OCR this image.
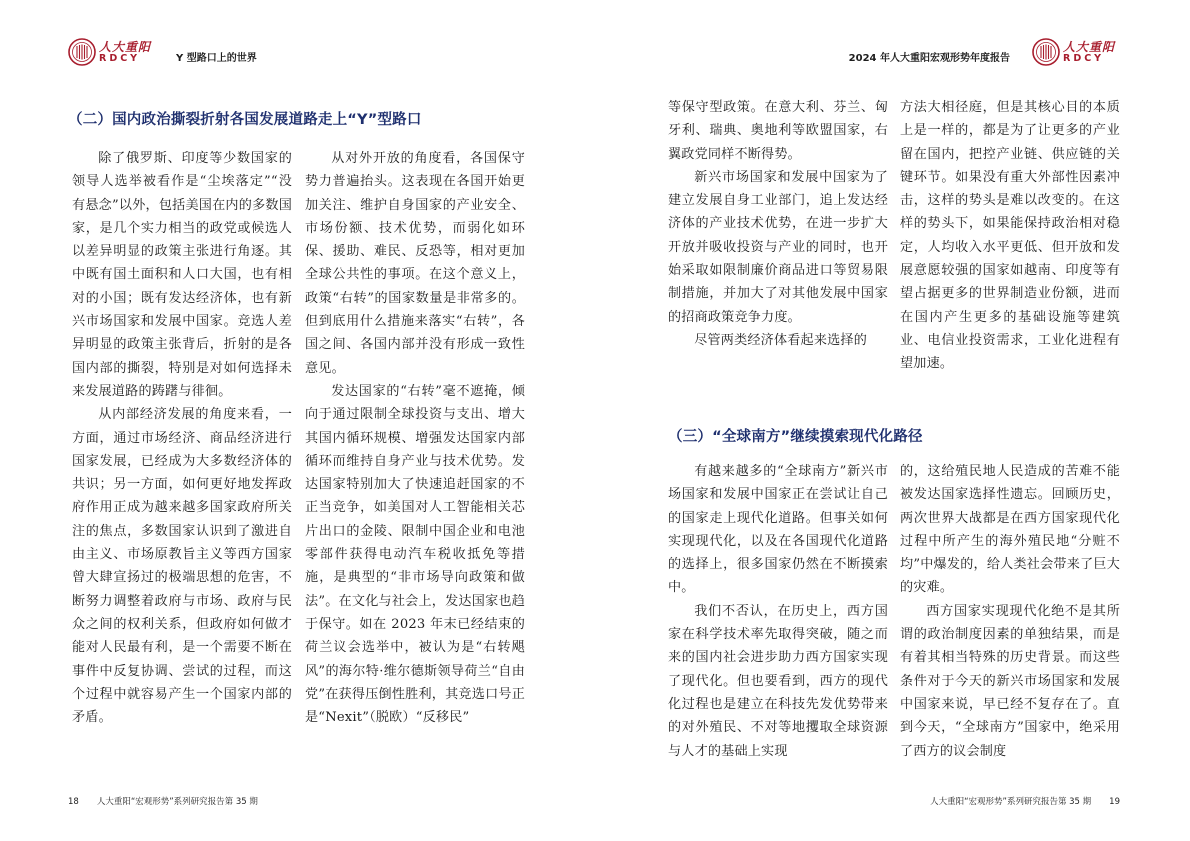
人大重阳
RDCY	Y 型路口上的世界
（二）国内政治撕裂折射各国发展道路走上“Y”型路口

除了俄罗斯、印度等少数国家的领导人选举被看作是“尘埃落定”“没有悬念”以外，包括美国在内的多数国家，是几个实力相当的政党或候选人以差异明显的政策主张进行角逐。其中既有国土面积和人口大国，也有相对的小国；既有发达经济体，也有新兴市场国家和发展中国家。竞选人差异明显的政策主张背后，折射的是各国内部的撕裂，特别是对如何选择未来发展道路的踌躇与徘徊。

从内部经济发展的角度来看，一方面，通过市场经济、商品经济进行国家发展，已经成为大多数经济体的共识；另一方面，如何更好地发挥政府作用正成为越来越多国家政府所关注的焦点，多数国家认识到了激进自由主义、市场原教旨主义等西方国家曾大肆宣扬过的极端思想的危害，不断努力调整着政府与市场、政府与民众之间的权利关系，但政府如何做才能对人民最有利，是一个需要不断在事件中反复协调、尝试的过程，而这个过程中就容易产生一个国家内部的矛盾。

从对外开放的角度看，各国保守势力普遍抬头。这表现在各国开始更加关注、维护自身国家的产业安全、市场份额、技术优势，而弱化如环保、援助、难民、反恐等，相对更加全球公共性的事项。在这个意义上，政策“右转”的国家数量是非常多的。但到底用什么措施来落实“右转”，各国之间、各国内部并没有形成一致性意见。

发达国家的“右转”毫不遮掩，倾向于通过限制全球投资与支出、增大其国内循环规模、增强发达国家内部循环而维持自身产业与技术优势。发达国家特别加大了快速追赶国家的不正当竞争，如美国对人工智能相关芯片出口的金陵、限制中国企业和电池零部件获得电动汽车税收抵免等措施，是典型的“非市场导向政策和做法”。在文化与社会上，发达国家也趋于保守。如在 2023 年末已经结束的荷兰议会选举中，被认为是“右转飓风”的海尔特·维尔德斯领导荷兰“自由党”在获得压倒性胜利，其竞选口号正是“Nexit”（脱欧）“反移民”

18 人大重阳“宏观形势”系列研究报告第 35 期
2024 年人大重阳宏观形势年度报告
人大重阳
RDCY

等保守型政策。在意大利、芬兰、匈牙利、瑞典、奥地利等欧盟国家，右翼政党同样不断得势。

新兴市场国家和发展中国家为了建立发展自身工业部门，追上发达经济体的产业技术优势，在进一步扩大开放并吸收投资与产业的同时，也开始采取如限制廉价商品进口等贸易限制措施，并加大了对其他发展中国家的招商政策竞争力度。

尽管两类经济体看起来选择的

方法大相径庭，但是其核心目的本质上是一样的，都是为了让更多的产业留在国内，把控产业链、供应链的关键环节。如果没有重大外部性因素冲击，这样的势头是难以改变的。在这样的势头下，如果能保持政治相对稳定，人均收入水平更低、但开放和发展意愿较强的国家如越南、印度等有望占据更多的世界制造业份额，进而在国内产生更多的基础设施等建筑业、电信业投资需求，工业化进程有望加速。

（三）“全球南方”继续摸索现代化路径

有越来越多的“全球南方”新兴市场国家和发展中国家正在尝试让自己的国家走上现代化道路。但事关如何实现现代化，以及在各国现代化道路的选择上，很多国家仍然在不断摸索中。

我们不否认，在历史上，西方国家在科学技术率先取得突破，随之而来的国内社会进步助力西方国家实现了现代化。但也要看到，西方的现代化过程也是建立在科技先发优势带来的对外殖民、不对等地攫取全球资源与人才的基础上实现

的，这给殖民地人民造成的苦难不能被发达国家选择性遗忘。回顾历史，两次世界大战都是在西方国家现代化过程中所产生的海外殖民地“分赃不均”中爆发的，给人类社会带来了巨大的灾难。

西方国家实现现代化绝不是其所谓的政治制度因素的单独结果，而是有着其相当特殊的历史背景。而这些条件对于今天的新兴市场国家和发展中国家来说，早已经不复存在了。直到今天，“全球南方”国家中，绝采用了西方的议会制度

人大重阳“宏观形势”系列研究报告第 35 期 19
